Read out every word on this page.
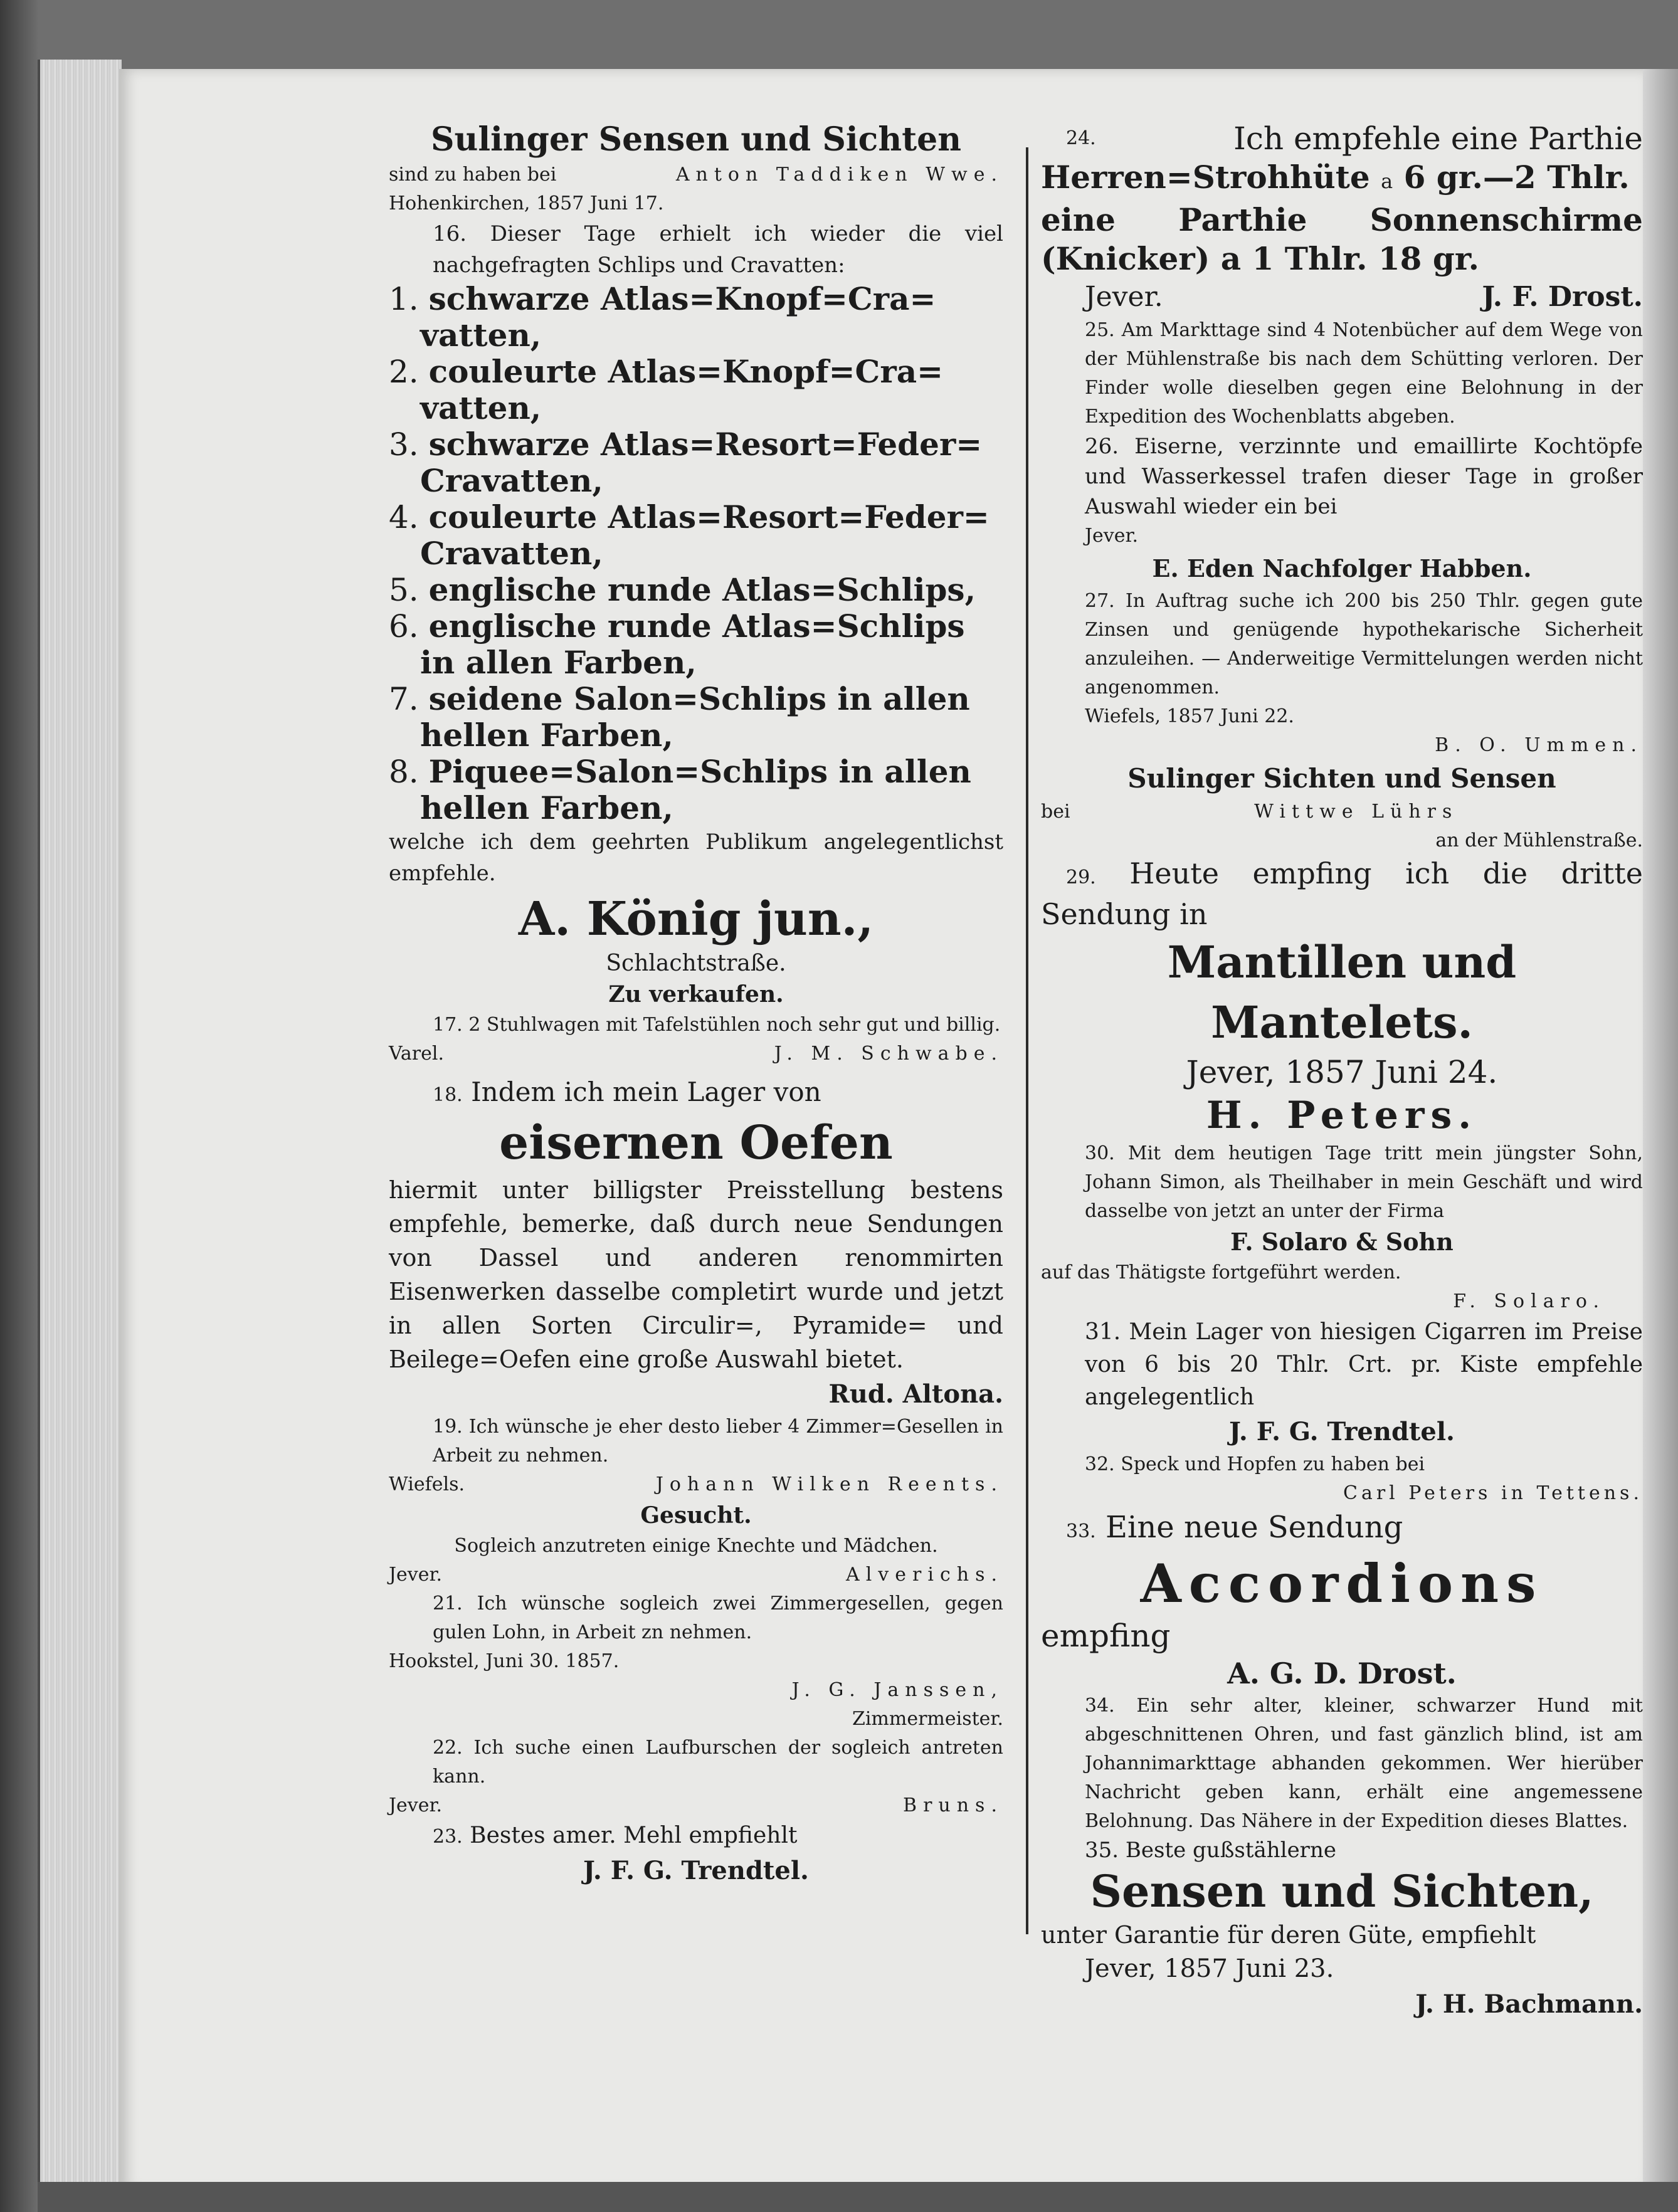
Sulinger Sensen und Sichten

sind zu haben bei	Anton Taddiken Wwe.

Hohenkirchen, 1857 Juni 17.

16. Dieser Tage erhielt ich wieder die viel nachgefragten Schlips und Cravatten:

1. schwarze Atlas=Knopf=Cra=

vatten,

2. couleurte Atlas=Knopf=Cra=

vatten,

3. schwarze Atlas=Resort=Feder=

Cravatten,

4. couleurte Atlas=Resort=Feder=

Cravatten,

5. englische runde Atlas=Schlips,

6. englische runde Atlas=Schlips

in allen Farben,

7. seidene Salon=Schlips in allen

hellen Farben,

8. Piquee=Salon=Schlips in allen

hellen Farben,

welche ich dem geehrten Publikum angelegentlichst empfehle.

A. König jun.,

Schlachtstraße.

Zu verkaufen.

17. 2 Stuhlwagen mit Tafelstühlen noch sehr gut und billig.

Varel.	J. M. Schwabe.

18. Indem ich mein Lager von

eisernen Oefen

hiermit unter billigster Preisstellung bestens empfehle, bemerke, daß durch neue Sendungen von Dassel und anderen renommirten Eisenwerken dasselbe completirt wurde und jetzt in allen Sorten Circulir=, Pyramide= und Beilege=Oefen eine große Auswahl bietet.

Rud. Altona.

19. Ich wünsche je eher desto lieber 4 Zimmer=Gesellen in Arbeit zu nehmen.

Wiefels.	Johann Wilken Reents.

Gesucht.

Sogleich anzutreten einige Knechte und Mädchen.

Jever.	Alverichs.

21. Ich wünsche sogleich zwei Zimmergesellen, gegen gulen Lohn, in Arbeit zn nehmen.

Hookstel, Juni 30. 1857.

J. G. Janssen,

Zimmermeister.

22. Ich suche einen Laufburschen der sogleich antreten kann.

Jever.	Bruns.

23. Bestes amer. Mehl empfiehlt

J. F. G. Trendtel.

24.	Ich empfehle eine Parthie

Herren=Strohhüte a 6 gr.—2 Thlr.

eine Parthie Sonnenschirme (Knicker) a 1 Thlr. 18 gr.

Jever.	J. F. Drost.

25. Am Markttage sind 4 Notenbücher auf dem Wege von der Mühlenstraße bis nach dem Schütting verloren. Der Finder wolle dieselben gegen eine Belohnung in der Expedition des Wochenblatts abgeben.

26. Eiserne, verzinnte und emaillirte Kochtöpfe und Wasserkessel trafen dieser Tage in großer Auswahl wieder ein bei

Jever.

E. Eden Nachfolger Habben.

27. In Auftrag suche ich 200 bis 250 Thlr. gegen gute Zinsen und genügende hypothekarische Sicherheit anzuleihen. — Anderweitige Vermittelungen werden nicht angenommen.

Wiefels, 1857 Juni 22.

B. O. Ummen.

Sulinger Sichten und Sensen

bei	Wittwe Lührs

an der Mühlenstraße.

29. Heute empfing ich die dritte Sendung in

Mantillen und Mantelets.

Jever, 1857 Juni 24.

H. Peters.

30. Mit dem heutigen Tage tritt mein jüngster Sohn, Johann Simon, als Theilhaber in mein Geschäft und wird dasselbe von jetzt an unter der Firma

F. Solaro & Sohn

auf das Thätigste fortgeführt werden.

F. Solaro.

31. Mein Lager von hiesigen Cigarren im Preise von 6 bis 20 Thlr. Crt. pr. Kiste empfehle angelegentlich

J. F. G. Trendtel.

32. Speck und Hopfen zu haben bei

Carl Peters in Tettens.

33. Eine neue Sendung

Accordions

empfing

A. G. D. Drost.

34. Ein sehr alter, kleiner, schwarzer Hund mit abgeschnittenen Ohren, und fast gänzlich blind, ist am Johannimarkttage abhanden gekommen. Wer hierüber Nachricht geben kann, erhält eine angemessene Belohnung. Das Nähere in der Expedition dieses Blattes.

35. Beste gußstählerne

Sensen und Sichten,

unter Garantie für deren Güte, empfiehlt

Jever, 1857 Juni 23.

J. H. Bachmann.
